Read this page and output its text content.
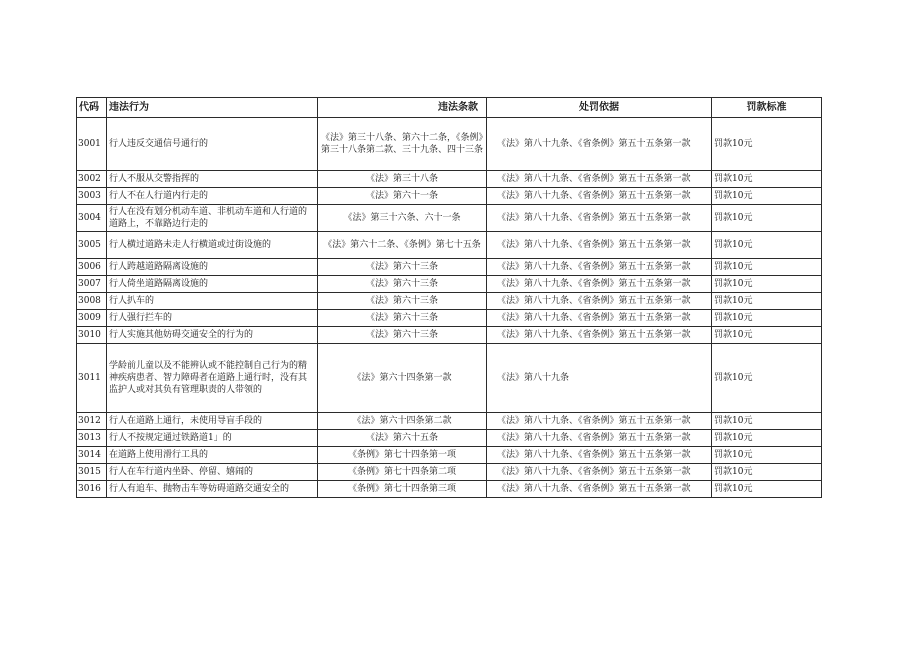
代码	违法行为	违法条款	处罚依据	罚款标准
3001	行人违反交通信号通行的	《法》第三十八条、第六十二条，《条例》第三十八条第二款、三十九条、四十三条	《法》第八十九条、《省条例》第五十五条第一款	罚款10元
3002	行人不服从交警指挥的	《法》第三十八条	《法》第八十九条、《省条例》第五十五条第一款	罚款10元
3003	行人不在人行道内行走的	《法》第六十一条	《法》第八十九条、《省条例》第五十五条第一款	罚款10元
3004	行人在没有划分机动车道、非机动车道和人行道的道路上，不靠路边行走的	《法》第三十六条、六十一条	《法》第八十九条、《省条例》第五十五条第一款	罚款10元
3005	行人横过道路未走人行横道或过街设施的	《法》第六十二条、《条例》第七十五条	《法》第八十九条、《省条例》第五十五条第一款	罚款10元
3006	行人跨越道路隔离设施的	《法》第六十三条	《法》第八十九条、《省条例》第五十五条第一款	罚款10元
3007	行人倚坐道路隔离设施的	《法》第六十三条	《法》第八十九条、《省条例》第五十五条第一款	罚款10元
3008	行人扒车的	《法》第六十三条	《法》第八十九条、《省条例》第五十五条第一款	罚款10元
3009	行人强行拦车的	《法》第六十三条	《法》第八十九条、《省条例》第五十五条第一款	罚款10元
3010	行人实施其他妨碍交通安全的行为的	《法》第六十三条	《法》第八十九条、《省条例》第五十五条第一款	罚款10元
3011	学龄前儿童以及不能辨认或不能控制自己行为的精神疾病患者、智力障碍者在道路上通行时，没有其监护人或对其负有管理职责的人带领的	《法》第六十四条第一款	《法》第八十九条	罚款10元
3012	行人在道路上通行，未使用导盲手段的	《法》第六十四条第二款	《法》第八十九条、《省条例》第五十五条第一款	罚款10元
3013	行人不按规定通过铁路道1」的	《法》第六十五条	《法》第八十九条、《省条例》第五十五条第一款	罚款10元
3014	在道路上使用滑行工具的	《条例》第七十四条第一项	《法》第八十九条、《省条例》第五十五条第一款	罚款10元
3015	行人在车行道内坐卧、停留、嬉闹的	《条例》第七十四条第二项	《法》第八十九条、《省条例》第五十五条第一款	罚款10元
3016	行人有追车、抛物击车等妨碍道路交通安全的	《条例》第七十四条第三项	《法》第八十九条、《省条例》第五十五条第一款	罚款10元
